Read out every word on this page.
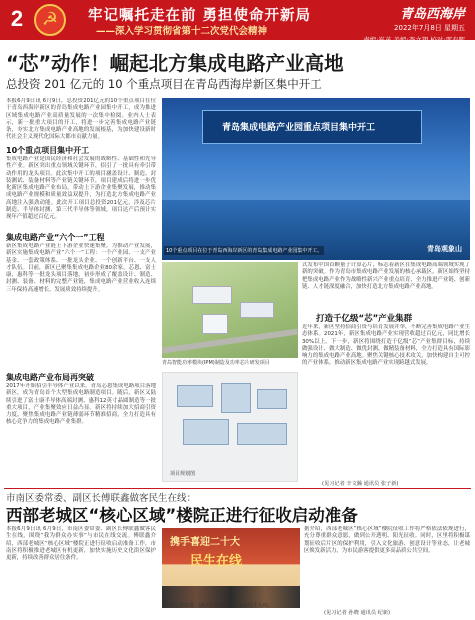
2	☭	牢记嘱托走在前 勇担使命开新局
——深入学习贯彻省第十二次党代会精神
青岛西海岸
2022年7月8日 星期五
责编:崔英 美编:李文翔 校对:邵春晖
“芯”动作！崛起北方集成电路产业高地
总投资 201 亿元的 10 个重点项目在青岛西海岸新区集中开工
本报6月9日讯 6月9日，总投资201亿元的10个重点项目在位于青岛西海岸新区的青岛集成电路产业园集中开工，成为推进区域集成电路产业高质量发展的一次集中检阅。业内人士表示，新一批重大项目的开工，将进一步完善集成电路产业链条，夯实北方集成电路产业高地的发展根基，为加快建设新时代社会主义现代化国际大都市贡献力量。
10个重点项目集中开工
集成电路产业是国民经济和社会发展的战略性、基础性和先导性产业。新区突出重点领域关键环节，招引了一批具有牵引带动作用的龙头项目。此次集中开工的项目涵盖设计、制造、封装测试、装备材料等产业链关键环节，项目建成后将进一步优化新区集成电路产业布局，带动上下游企业集聚发展，推动集成电路产业规模和质量效益双提升，为打造北方集成电路产业高地注入强劲动能。此次开工项目总投资201亿元，涉及芯片制造、半导体封测、第三代半导体等领域，项目达产后预计实现年产值超过百亿元。
集成电路产业“六个一”工程
新区集成电路产业链上下游企业快速集聚。为推动产业发展，新区实施集成电路产业“六个一”工程：一个产业园、一支产业基金、一套政策体系、一批龙头企业、一个创新平台、一支人才队伍。目前，新区已聚集集成电路企业80余家，芯恩、富士康、惠科等一批龙头项目落地，初步形成了覆盖设计、制造、封测、装备、材料的完整产业链，集成电路产业营业收入连续三年保持高速增长，发展质效持续提升。
集成电路产业布局再突破
2017年开始招引半导体产业以来，青岛芯恩集成电路项目落地新区，成为青岛首个大型集成电路制造项目。随后，新区又陆续引进了富士康半导体高端封测、惠科12英寸晶圆制造等一批重大项目，产业集聚效应日益凸显。新区将持续加大招商引资力度，聚焦集成电路产业链薄弱环节精准招商，全力打造具有核心竞争力的集成电路产业集群。
青岛集成电路产业园重点项目集中开工
青岛观象山
10个重点项目在位于青岛西海岸新区的青岛集成电路产业园集中开工。
青岛智能功率模块(IPM)制造及功率芯片研发项目
项目规划图
式发布中国首颗量子计算芯片，标志着新区在集成电路高端领域实现了新的突破。作为青岛市集成电路产业发展的核心承载区，新区始终坚持把集成电路产业作为战略性新兴产业重点培育，全力推进产业链、创新链、人才链深度融合，加快打造北方集成电路产业高地。
打造千亿级“芯”产业集群
近年来，新区坚持招商引资与培育发展并举，不断完善集成电路产业生态体系。2021年，新区集成电路产业实现营收超过百亿元，同比增长30%以上。下一步，新区将围绕打造千亿级“芯”产业集群目标，持续做强设计、做大制造、做优封测、做精装备材料，全力打造具有国际影响力的集成电路产业高地。聚焦关键核心技术攻关，加快构建自主可控的产业体系，推动新区集成电路产业实现跨越式发展。
(见习记者 辛文瀚 通讯员 张子新)
市南区委常委、副区长傅联鑫做客民生在线：
西部老城区“核心区域”楼院正进行征收启动准备
本报6月9日讯 6月9日，市南区委常委、副区长傅联鑫做客民生在线，围绕“我为群众办实事”与市民在线交流。傅联鑫介绍，西部老城区“核心区域”楼院正进行征收启动准备工作，市南区将积极推进老城区有机更新，加快实施历史文化街区保护更新，持续改善群众居住条件。
携手喜迎二十大
民生在线
市南区委常委、副区长傅联鑫(左)做客民生在线。
据介绍，西部老城区“核心区域”楼院征收工作将严格依法依规进行，充分尊重群众意愿，做到公开透明、阳光征收。同时，区里将积极谋划征收后片区的保护利用，引入文化旅游、创意设计等业态，让老城区焕发新活力，为市民游客提供更多高品质公共空间。
(见习记者 孙晓 通讯员 纪新)
